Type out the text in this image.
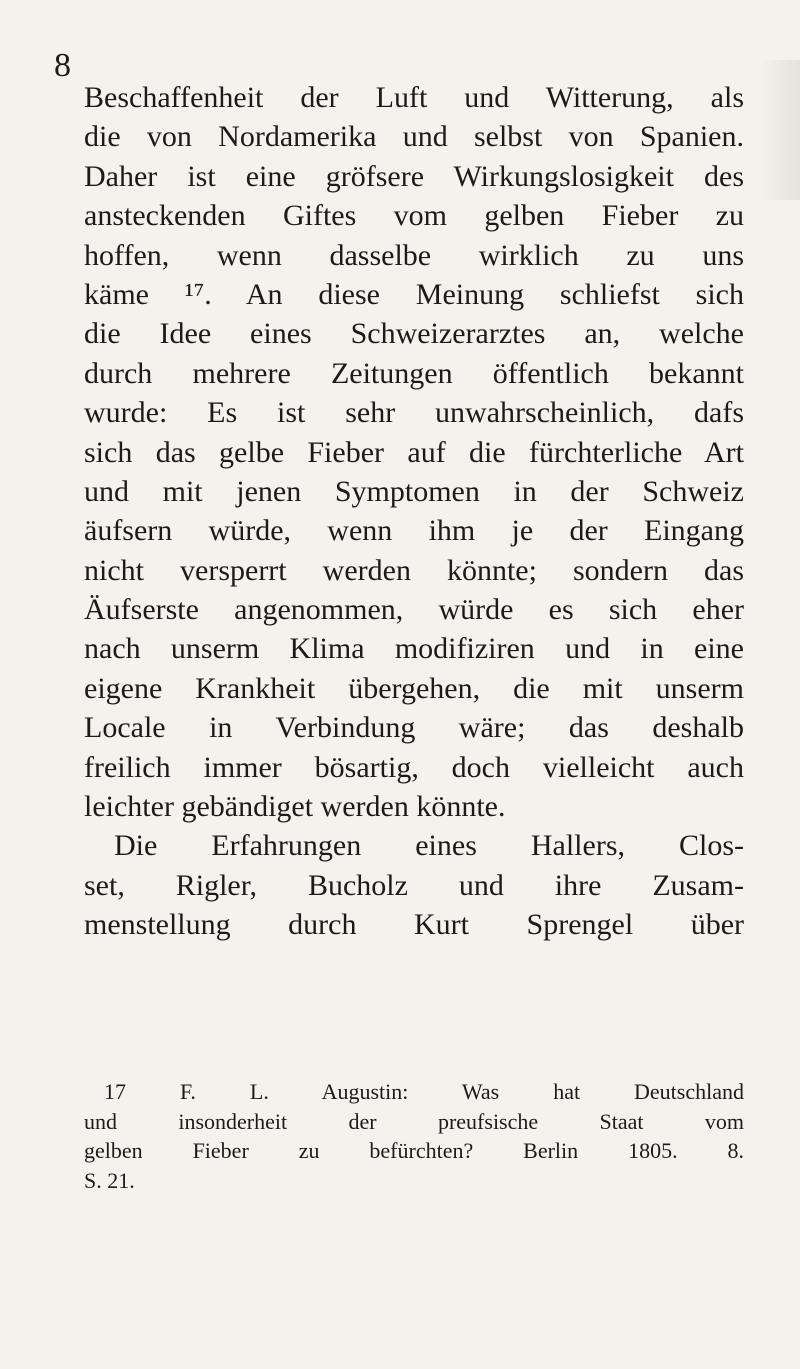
8
Beschaffenheit der Luft und Witterung, als
die von Nordamerika und selbst von Spanien.
Daher ist eine gröfsere Wirkungslosigkeit des
ansteckenden Giftes vom gelben Fieber zu
hoffen, wenn dasselbe wirklich zu uns
käme ¹⁷. An diese Meinung schliefst sich
die Idee eines Schweizerarztes an, welche
durch mehrere Zeitungen öffentlich bekannt
wurde: Es ist sehr unwahrscheinlich, dafs
sich das gelbe Fieber auf die fürchterliche Art
und mit jenen Symptomen in der Schweiz
äufsern würde, wenn ihm je der Eingang
nicht versperrt werden könnte; sondern das
Äufserste angenommen, würde es sich eher
nach unserm Klima modifiziren und in eine
eigene Krankheit übergehen, die mit unserm
Locale in Verbindung wäre; das deshalb
freilich immer bösartig, doch vielleicht auch
leichter gebändiget werden könnte.
Die Erfahrungen eines Hallers, Clos-
set, Rigler, Bucholz und ihre Zusam-
menstellung durch Kurt Sprengel über
17 F. L. Augustin: Was hat Deutschland
und insonderheit der preufsische Staat vom
gelben Fieber zu befürchten? Berlin 1805. 8.
S. 21.
